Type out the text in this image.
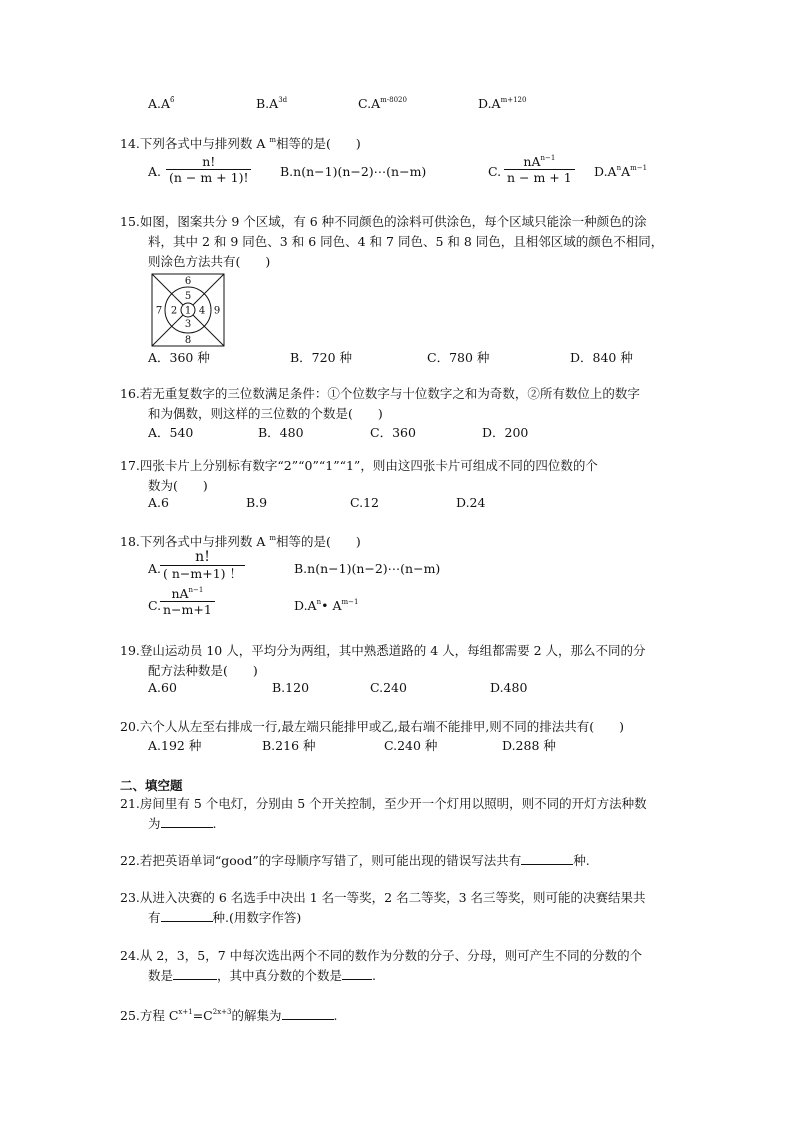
$A.A^{6̃}$	$B.A^{3d}$	$C.A^{m-8020}$	$D.A^{m+120}$
14.下列各式中与排列数 A $^m$相等的是(　　)
A. $\frac{n!}{(n - m + 1)!}$ B.n(n−1)(n−2)⋯(n−m)	C.
$nA^{n-1}$
n − m + 1 $D.A^nA^{m-1}$
15.如图，图案共分 9 个区域，有 6 种不同颜色的涂料可供涂色，每个区域只能涂一种颜色的涂
料，其中 2 和 9 同色、3 和 6 同色、4 和 7 同色、5 和 8 同色，且相邻区域的颜色不相同，
则涂色方法共有(　　)
1
2
3
4
5
6
7
8
9
A．360 种	B．720 种	C．780 种	D．840 种
16.若无重复数字的三位数满足条件：①个位数字与十位数字之和为奇数，②所有数位上的数字
和为偶数，则这样的三位数的个数是(　　)
A．540	B．480	C．360	D．200
17.四张卡片上分别标有数字“2”“0”“1”“1”，则由这四张卡片可组成不同的四位数的个
数为(　　)
A.6	B.9	C.12	D.24
18.下列各式中与排列数 A $^m$相等的是(　　)
A.
$\frac{n!}{( n-m+1) !}$	B.n(n−1)(n−2)⋯(n−m)
C.
$nA^{n-1}$
n−m+1	$D.A^n•$ $A^{m-1}$
19.登山运动员 10 人，平均分为两组，其中熟悉道路的 4 人，每组都需要 2 人，那么不同的分
配方法种数是(　　)
A.60	B.120	C.240	D.480
20.六个人从左至右排成一行,最左端只能排甲或乙,最右端不能排甲,则不同的排法共有(　　)
A.192 种	B.216 种	C.240 种	D.288 种
二、填空题
21.房间里有 5 个电灯，分别由 5 个开关控制，至少开一个灯用以照明，则不同的开灯方法种数
为	.
22.若把英语单词“good”的字母顺序写错了，则可能出现的错误写法共有	种.
23.从进入决赛的 6 名选手中决出 1 名一等奖，2 名二等奖，3 名三等奖，则可能的决赛结果共
有	种.(用数字作答)
24.从 2，3，5，7 中每次选出两个不同的数作为分数的分子、分母，则可产生不同的分数的个
数是	，其中真分数的个数是 .
25.方程 $C^{x+1}=C^{2x+3}$的解集为	.
